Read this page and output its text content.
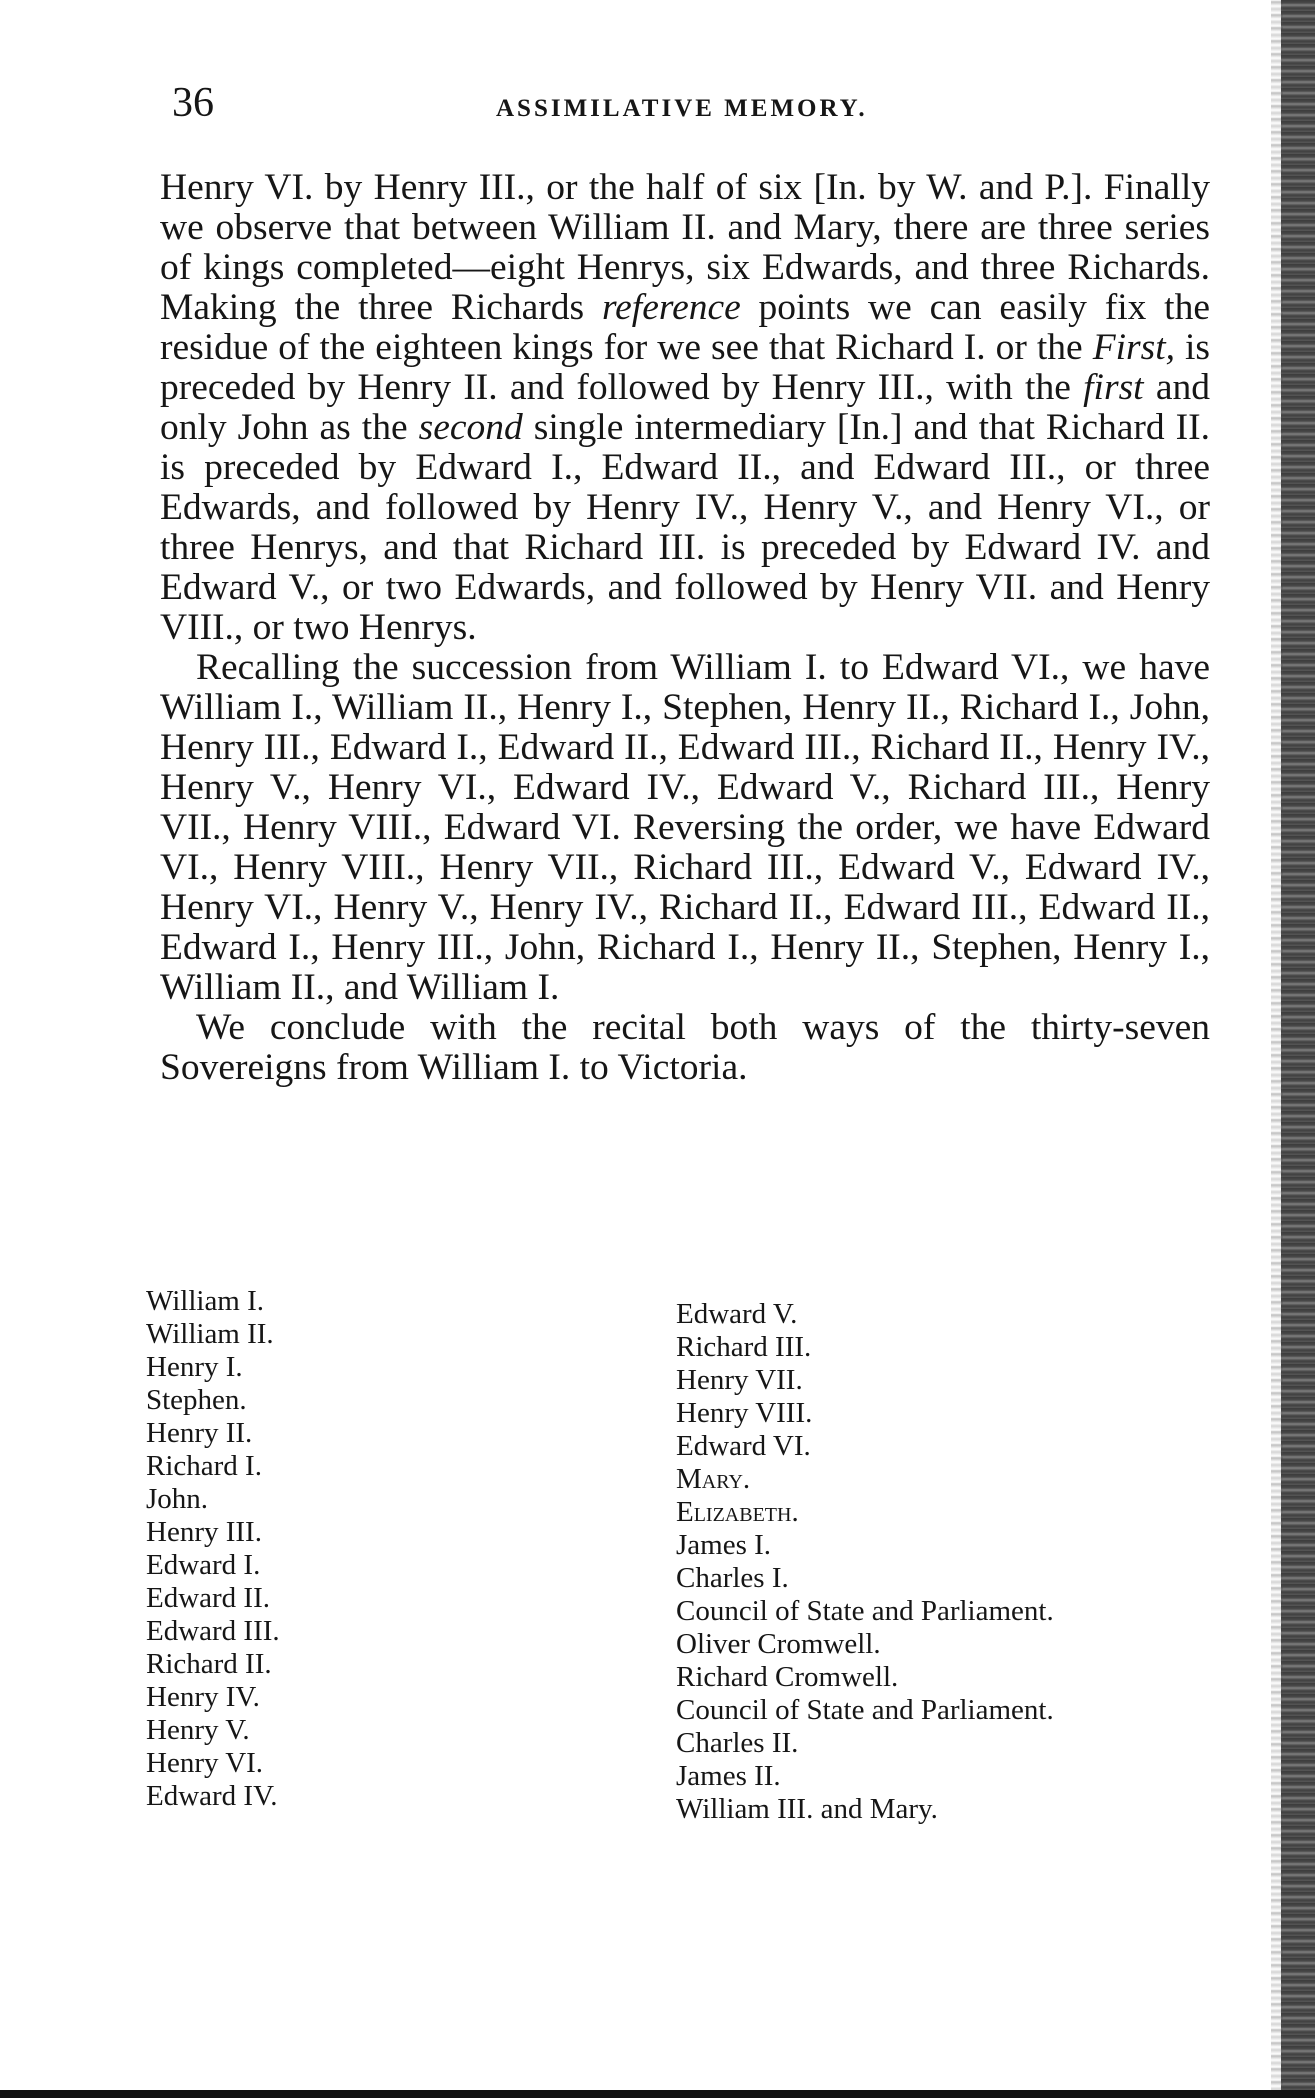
36	ASSIMILATIVE MEMORY.

Henry VI. by Henry III., or the half of six [In. by W. and P.]. Finally we observe that between William II. and Mary, there are three series of kings completed—eight Henrys, six Edwards, and three Richards. Making the three Richards reference points we can easily fix the residue of the eighteen kings for we see that Richard I. or the First, is preceded by Henry II. and followed by Henry III., with the first and only John as the second single intermediary [In.] and that Richard II. is preceded by Edward I., Edward II., and Edward III., or three Edwards, and followed by Henry IV., Henry V., and Henry VI., or three Henrys, and that Richard III. is preceded by Edward IV. and Edward V., or two Edwards, and followed by Henry VII. and Henry VIII., or two Henrys.

Recalling the succession from William I. to Edward VI., we have William I., William II., Henry I., Stephen, Henry II., Richard I., John, Henry III., Edward I., Edward II., Edward III., Richard II., Henry IV., Henry V., Henry VI., Edward IV., Edward V., Richard III., Henry VII., Henry VIII., Edward VI. Reversing the order, we have Edward VI., Henry VIII., Henry VII., Richard III., Edward V., Edward IV., Henry VI., Henry V., Henry IV., Richard II., Edward III., Edward II., Edward I., Henry III., John, Richard I., Henry II., Stephen, Henry I., William II., and William I.

We conclude with the recital both ways of the thirty-seven Sovereigns from William I. to Victoria.

William I.
William II.
Henry I.
Stephen.
Henry II.
Richard I.
John.
Henry III.
Edward I.
Edward II.
Edward III.
Richard II.
Henry IV.
Henry V.
Henry VI.
Edward IV.
Edward V.
Richard III.
Henry VII.
Henry VIII.
Edward VI.
Mary.
Elizabeth.
James I.
Charles I.
Council of State and Parliament.
Oliver Cromwell.
Richard Cromwell.
Council of State and Parliament.
Charles II.
James II.
William III. and Mary.
